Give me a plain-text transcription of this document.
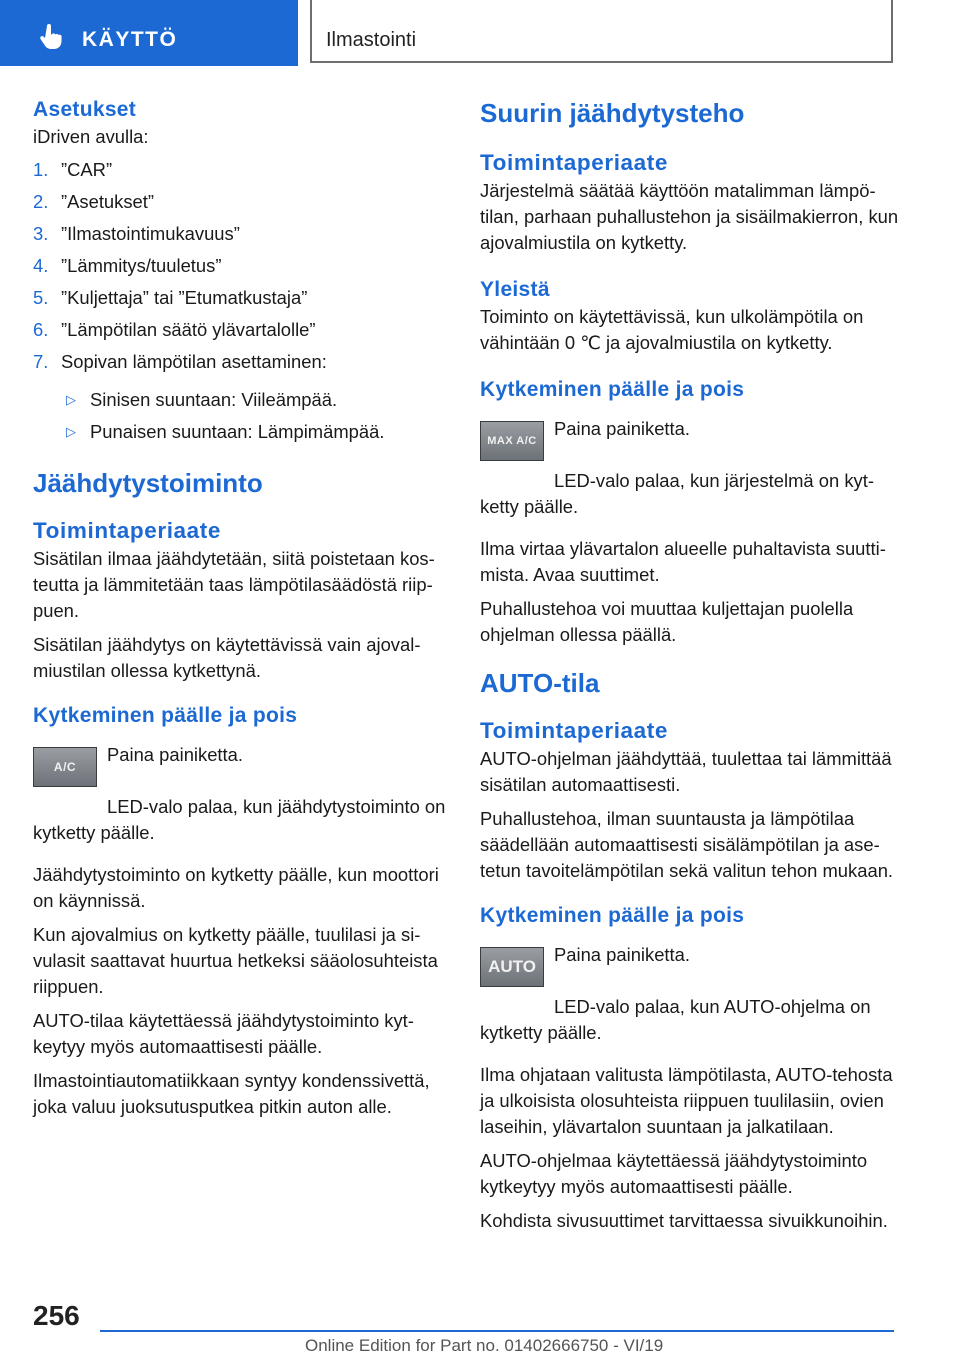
KÄYTTÖ	Ilmastointi
Asetukset

iDriven avulla:

1. ”CAR”
2. ”Asetukset”
3. ”Ilmastointimukavuus”
4. ”Lämmitys/tuuletus”
5. ”Kuljettaja” tai ”Etumatkustaja”
6. ”Lämpötilan säätö ylävartalolle”
7. Sopivan lämpötilan asettaminen:
▷ Sinisen suuntaan: Viileämpää.
▷ Punaisen suuntaan: Lämpimämpää.
Jäähdytystoiminto
Toimintaperiaate

Sisätilan ilmaa jäähdytetään, siitä poistetaan kosteutta ja lämmitetään taas lämpötilasäädöstä riippuen.

Sisätilan jäähdytys on käytettävissä vain ajovalmiustilan ollessa kytkettynä.

Kytkeminen päälle ja pois
A/C

Paina painiketta.

LED-valo palaa, kun jäähdytystoiminto on kytketty päälle.

Jäähdytystoiminto on kytketty päälle, kun moottori on käynnissä.

Kun ajovalmius on kytketty päälle, tuulilasi ja sivulasit saattavat huurtua hetkeksi sääolosuhteista riippuen.

AUTO-tilaa käytettäessä jäähdytystoiminto kytkeytyy myös automaattisesti päälle.

Ilmastointiautomatiikkaan syntyy kondenssivettä, joka valuu juoksutusputkea pitkin auton alle.

Suurin jäähdytysteho
Toimintaperiaate

Järjestelmä säätää käyttöön matalimman lämpötilan, parhaan puhallustehon ja sisäilmakierron, kun ajovalmiustila on kytketty.

Yleistä

Toiminto on käytettävissä, kun ulkolämpötila on vähintään 0 ℃ ja ajovalmiustila on kytketty.

Kytkeminen päälle ja pois
MAX A/C

Paina painiketta.

LED-valo palaa, kun järjestelmä on kytketty päälle.

Ilma virtaa ylävartalon alueelle puhaltavista suuttimista. Avaa suuttimet.

Puhallustehoa voi muuttaa kuljettajan puolella ohjelman ollessa päällä.

AUTO-tila
Toimintaperiaate

AUTO-ohjelman jäähdyttää, tuulettaa tai lämmittää sisätilan automaattisesti.

Puhallustehoa, ilman suuntausta ja lämpötilaa säädellään automaattisesti sisälämpötilan ja asetetun tavoitelämpötilan sekä valitun tehon mukaan.

Kytkeminen päälle ja pois
AUTO

Paina painiketta.

LED-valo palaa, kun AUTO-ohjelma on kytketty päälle.

Ilma ohjataan valitusta lämpötilasta, AUTO-tehosta ja ulkoisista olosuhteista riippuen tuulilasiin, ovien laseihin, ylävartalon suuntaan ja jalkatilaan.

AUTO-ohjelmaa käytettäessä jäähdytystoiminto kytkeytyy myös automaattisesti päälle.

Kohdista sivusuuttimet tarvittaessa sivuikkunoihin.

256
Online Edition for Part no. 01402666750 - VI/19
